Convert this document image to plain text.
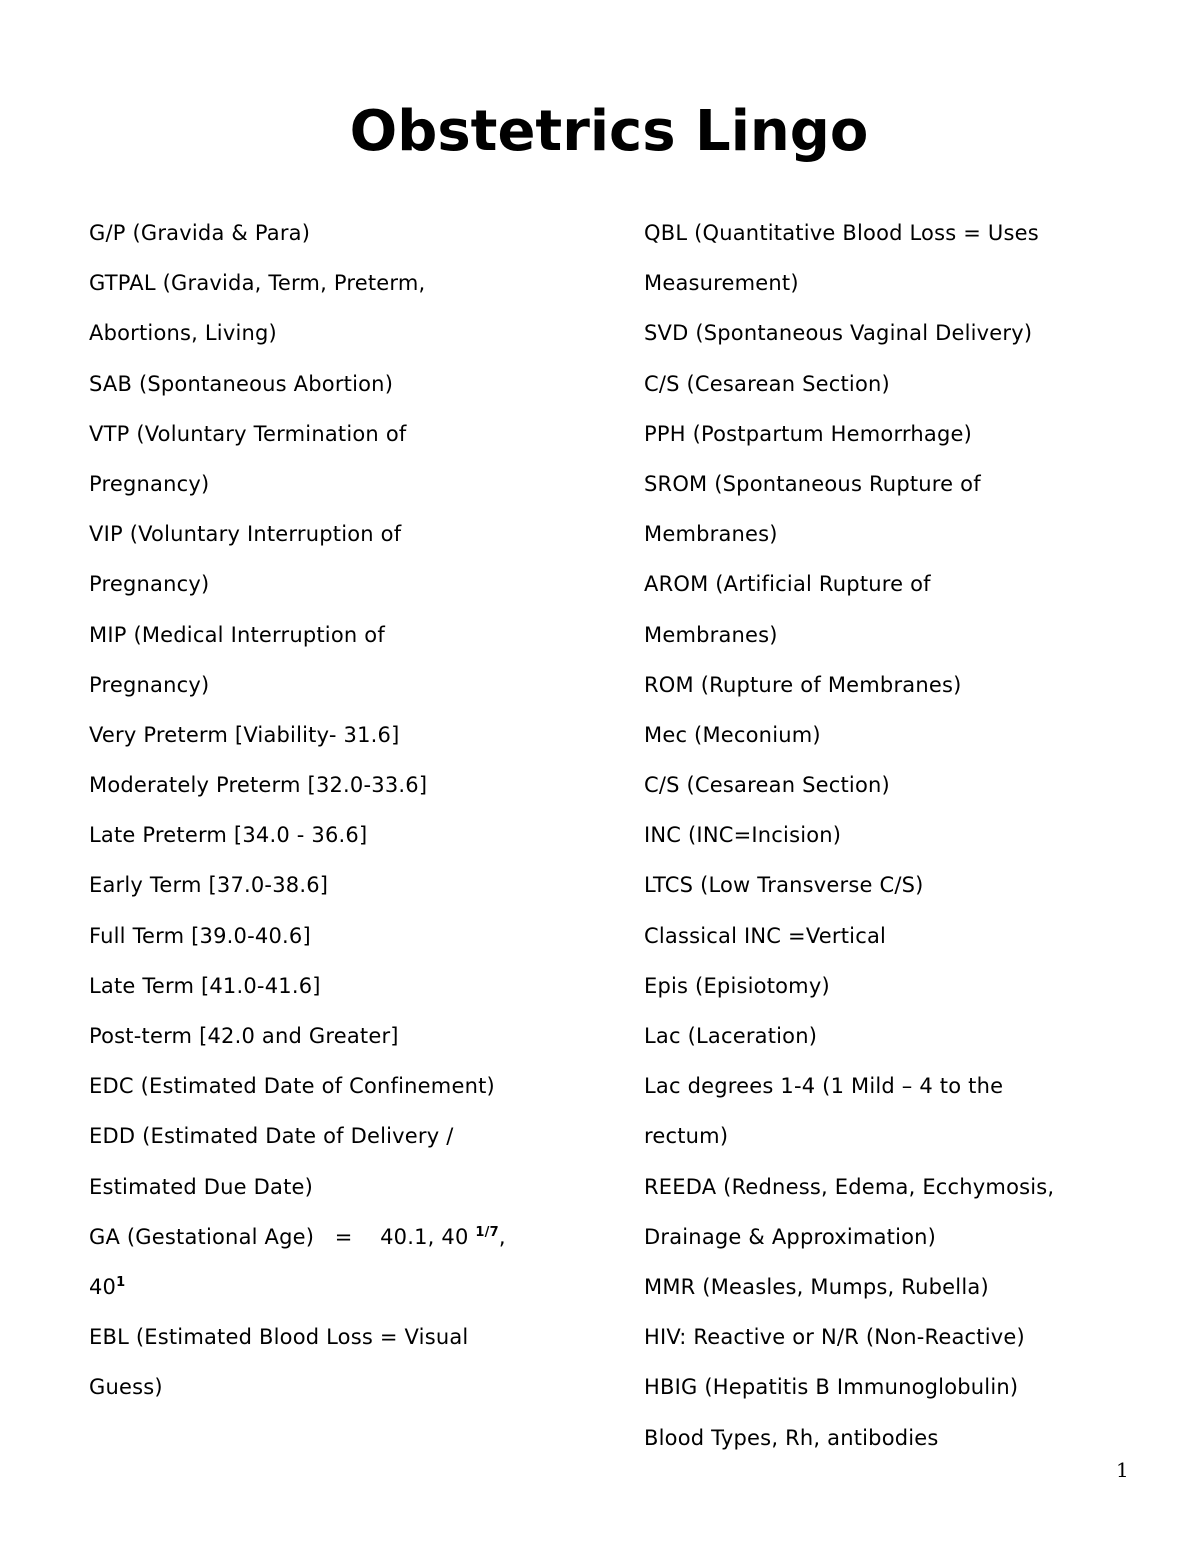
Obstetrics Lingo
G/P (Gravida & Para)
GTPAL (Gravida, Term, Preterm,
Abortions, Living)
SAB (Spontaneous Abortion)
VTP (Voluntary Termination of
Pregnancy)
VIP (Voluntary Interruption of
Pregnancy)
MIP (Medical Interruption of
Pregnancy)
Very Preterm [Viability- 31.6]
Moderately Preterm [32.0-33.6]
Late Preterm [34.0 - 36.6]
Early Term [37.0-38.6]
Full Term [39.0-40.6]
Late Term [41.0-41.6]
Post-term [42.0 and Greater]
EDC (Estimated Date of Confinement)
EDD (Estimated Date of Delivery /
Estimated Due Date)
GA (Gestational Age)   =    40.1, 40 $^{1/7}$,
$40^1$
EBL (Estimated Blood Loss = Visual
Guess)
QBL (Quantitative Blood Loss = Uses
Measurement)
SVD (Spontaneous Vaginal Delivery)
C/S (Cesarean Section)
PPH (Postpartum Hemorrhage)
SROM (Spontaneous Rupture of
Membranes)
AROM (Artificial Rupture of
Membranes)
ROM (Rupture of Membranes)
Mec (Meconium)
C/S (Cesarean Section)
INC (INC=Incision)
LTCS (Low Transverse C/S)
Classical INC =Vertical
Epis (Episiotomy)
Lac (Laceration)
Lac degrees 1-4 (1 Mild – 4 to the
rectum)
REEDA (Redness, Edema, Ecchymosis,
Drainage & Approximation)
MMR (Measles, Mumps, Rubella)
HIV: Reactive or N/R (Non-Reactive)
HBIG (Hepatitis B Immunoglobulin)
Blood Types, Rh, antibodies
1
